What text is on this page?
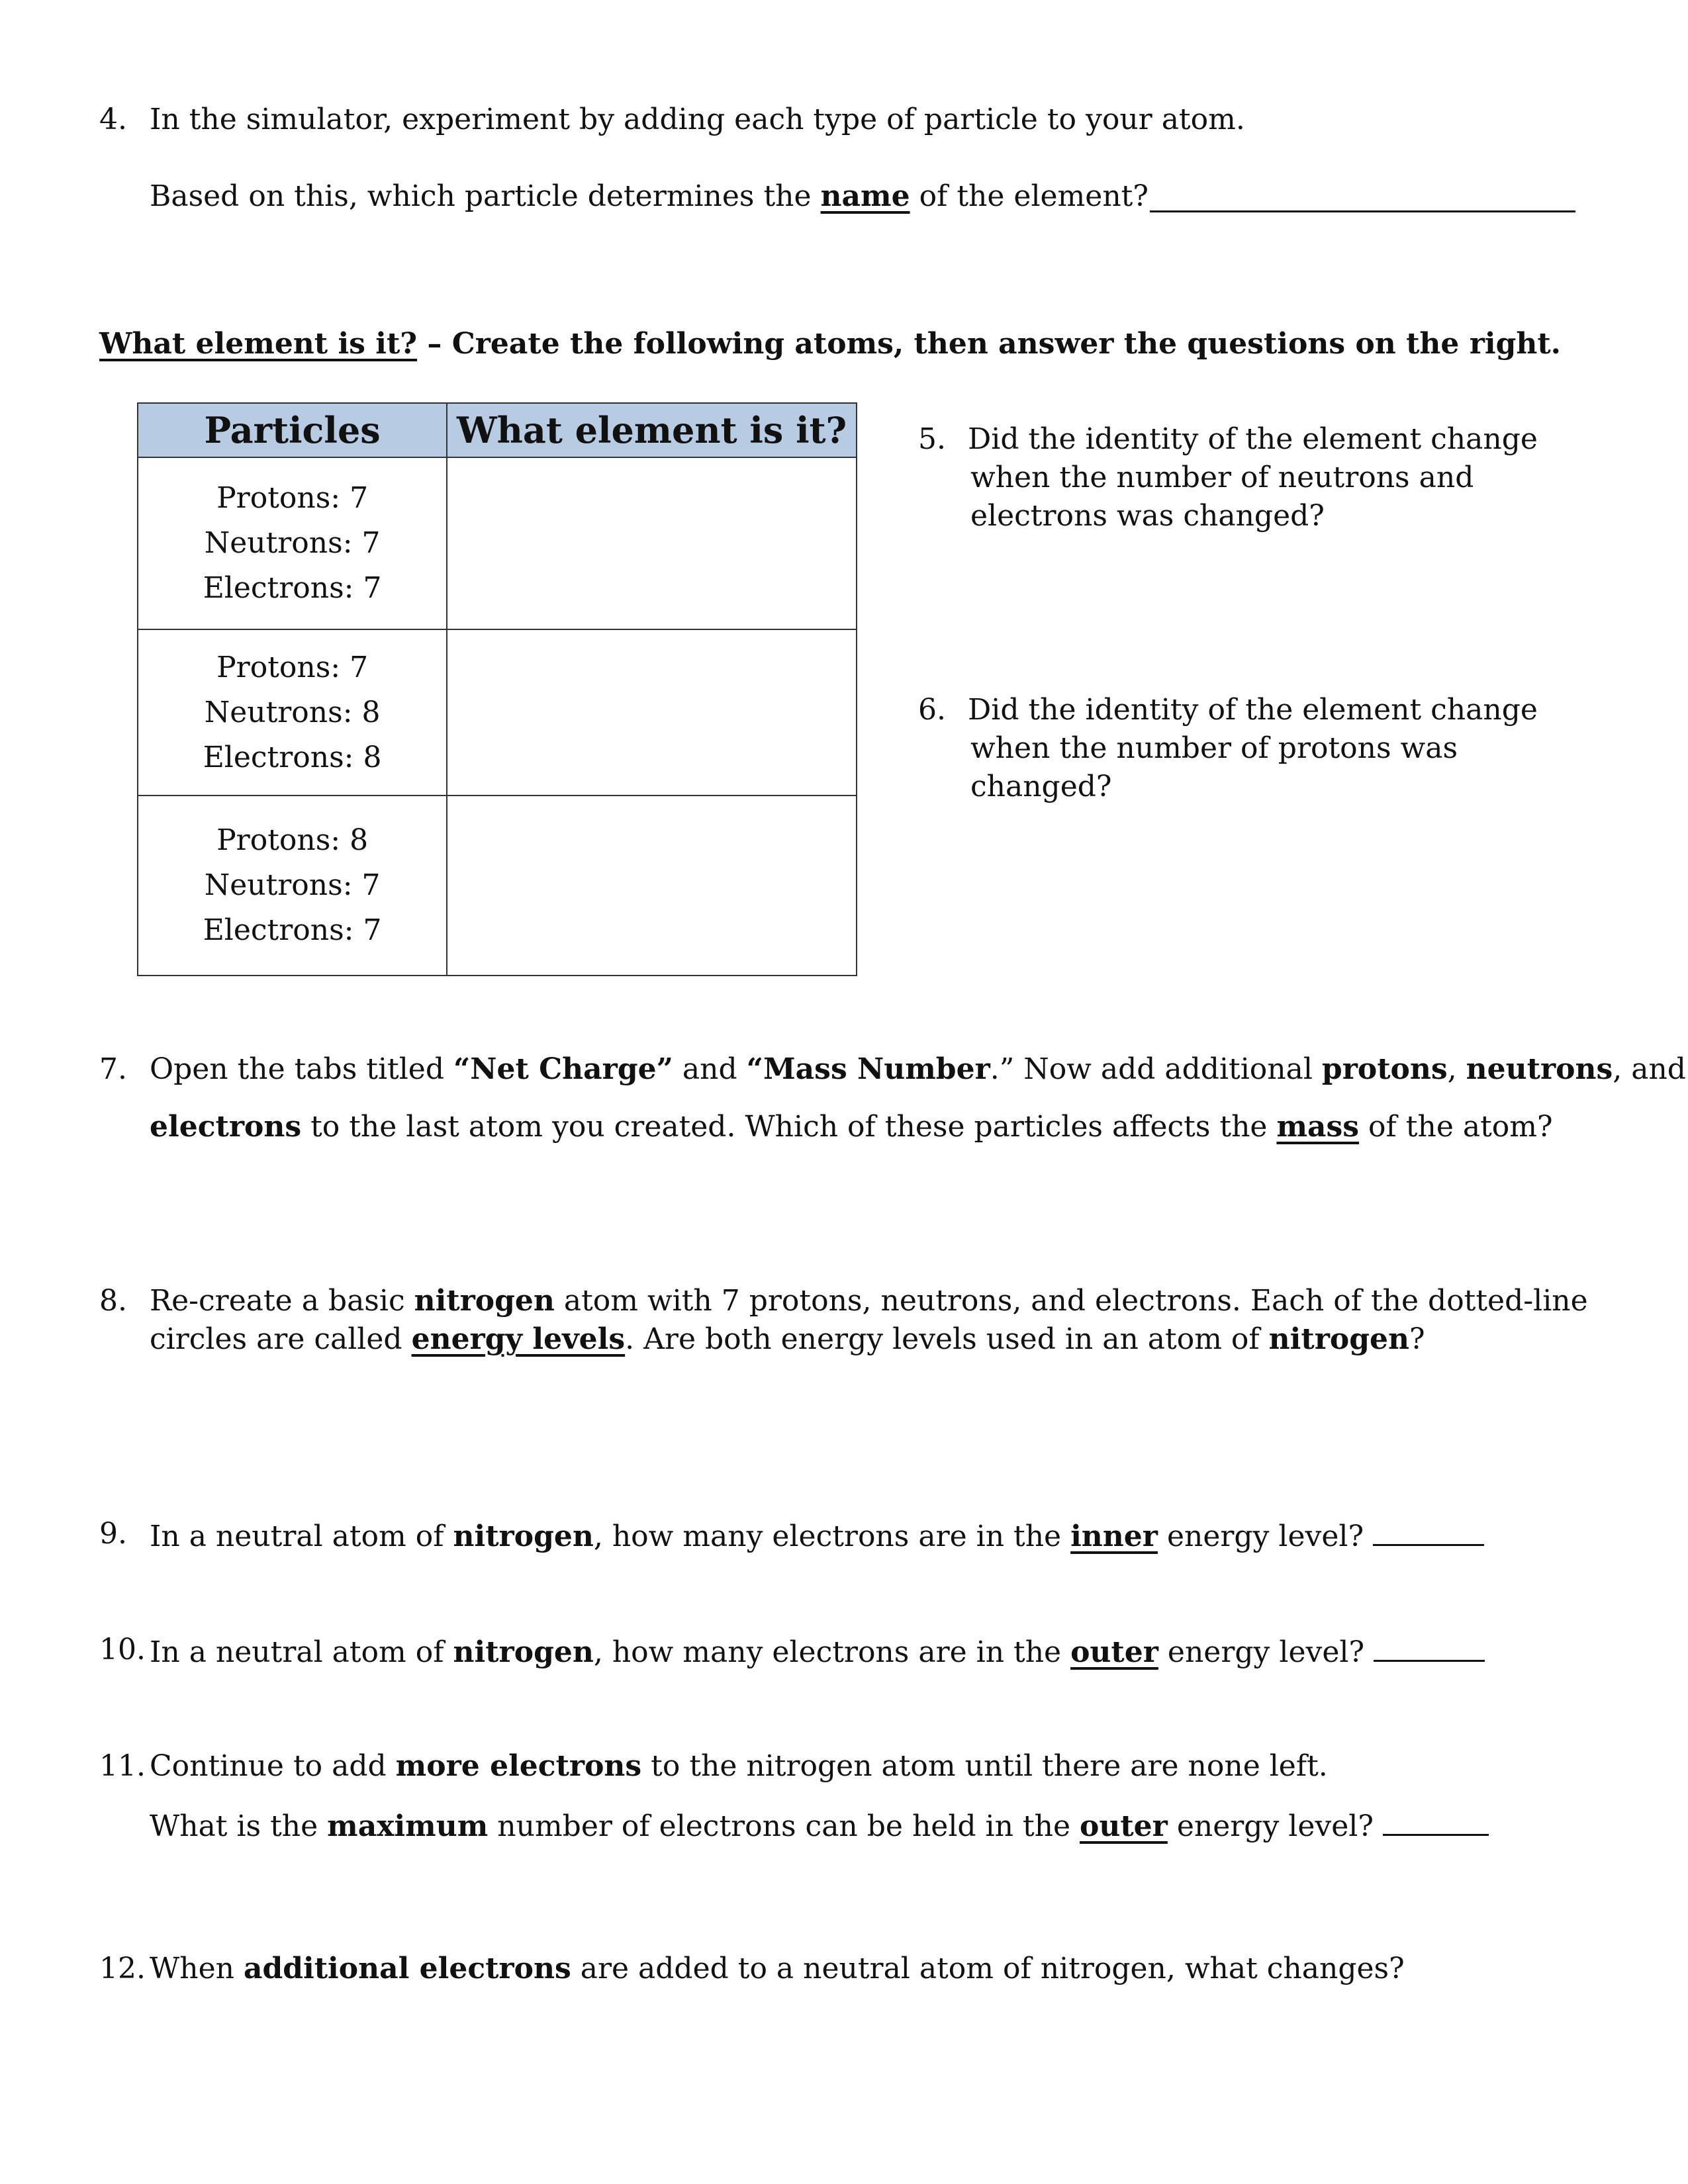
4. In the simulator, experiment by adding each type of particle to your atom.
Based on this, which particle determines the name of the element?
What element is it? – Create the following atoms, then answer the questions on the right.
Particles	What element is it?

Protons: 7
Neutrons: 7
Electrons: 7	

Protons: 7
Neutrons: 8
Electrons: 8	

Protons: 8
Neutrons: 7
Electrons: 7	

5. Did the identity of the element change
when the number of neutrons and
electrons was changed?
6. Did the identity of the element change
when the number of protons was
changed?
7. Open the tabs titled “Net Charge” and “Mass Number.” Now add additional protons, neutrons, and
electrons to the last atom you created. Which of these particles affects the mass of the atom?
8. Re-create a basic nitrogen atom with 7 protons, neutrons, and electrons. Each of the dotted-line
circles are called energy levels. Are both energy levels used in an atom of nitrogen?
9. In a neutral atom of nitrogen, how many electrons are in the inner energy level?
10. In a neutral atom of nitrogen, how many electrons are in the outer energy level?
11. Continue to add more electrons to the nitrogen atom until there are none left.
What is the maximum number of electrons can be held in the outer energy level?
12. When additional electrons are added to a neutral atom of nitrogen, what changes?
